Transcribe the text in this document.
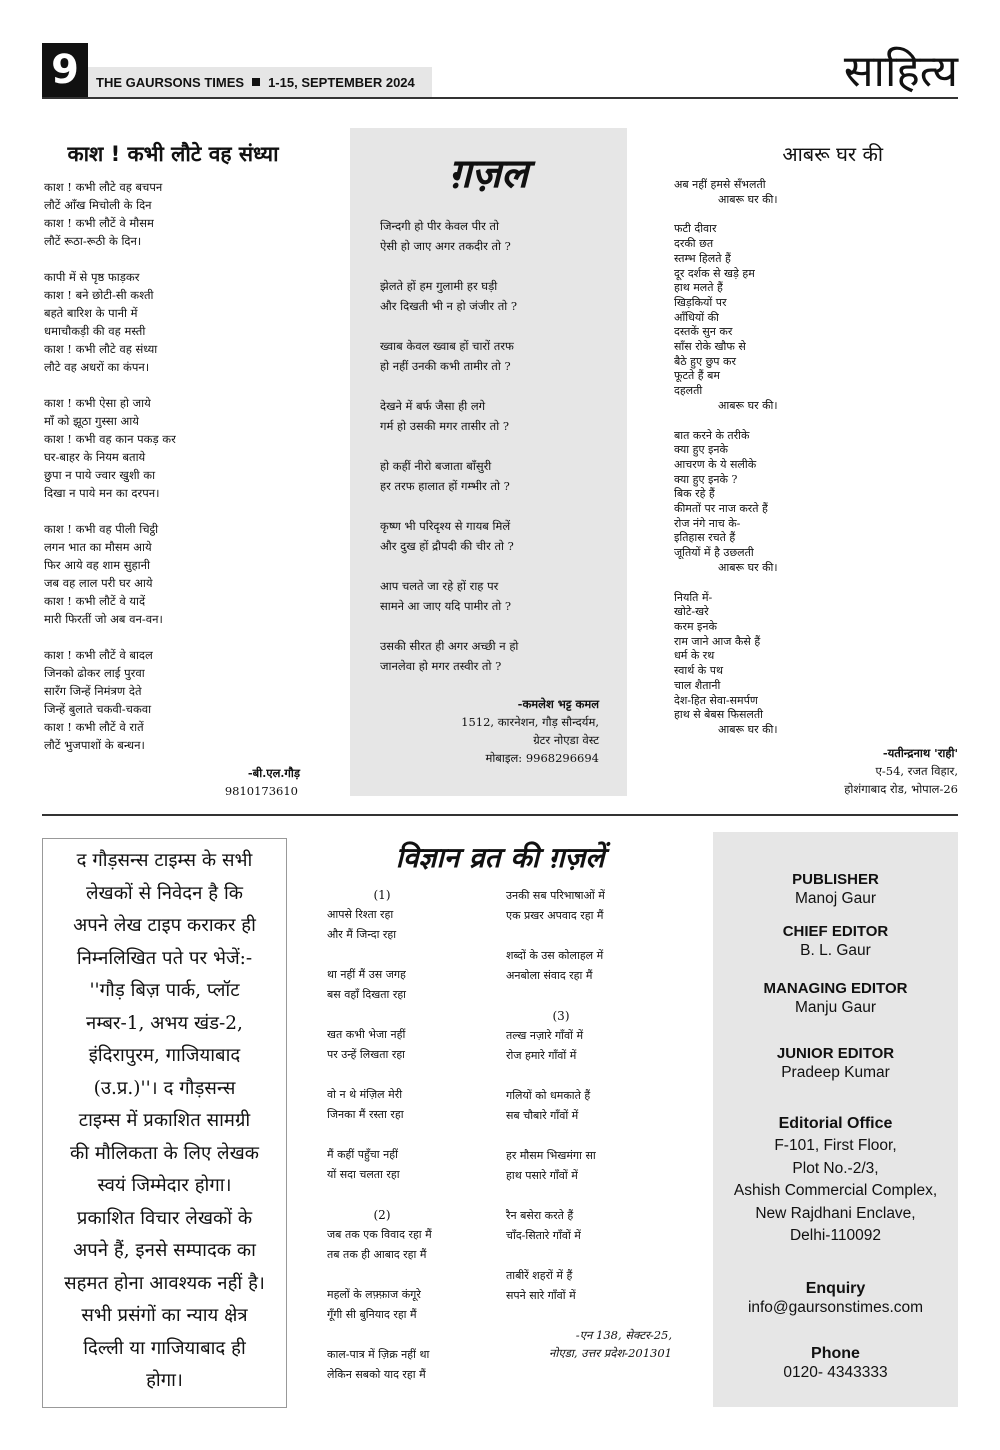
9	THE GAURSONS TIMES 1-15, SEPTEMBER 2024	साहित्य
काश ! कभी लौटे वह संध्या
काश ! कभी लौटे वह बचपन
लौटें आँख मिचोली के दिन
काश ! कभी लौटें वे मौसम
लौटें रूठा-रूठी के दिन।
कापी में से पृष्ठ फाड़कर
काश ! बने छोटी-सी कश्ती
बहते बारिश के पानी में
धमाचौकड़ी की वह मस्ती
काश ! कभी लौटे वह संध्या
लौटे वह अधरों का कंपन।
काश ! कभी ऐसा हो जाये
माँ को झूठा गुस्सा आये
काश ! कभी वह कान पकड़ कर
घर-बाहर के नियम बताये
छुपा न पाये ज्वार खुशी का
दिखा न पाये मन का दरपन।
काश ! कभी वह पीली चिट्ठी
लगन भात का मौसम आये
फिर आये वह शाम सुहानी
जब वह लाल परी घर आये
काश ! कभी लौटें वे यादें
मारी फिरतीं जो अब वन-वन।
काश ! कभी लौटें वे बादल
जिनको ढोकर लाई पुरवा
सारँग जिन्हें निमंत्रण देते
जिन्हें बुलाते चकवी-चकवा
काश ! कभी लौटें वे रातें
लौटें भुजपाशों के बन्धन।
-बी.एल.गौड़
9810173610
ग़ज़ल
जिन्दगी हो पीर केवल पीर तो
ऐसी हो जाए अगर तकदीर तो ?
झेलते हों हम गुलामी हर घड़ी
और दिखती भी न हो जंजीर तो ?
ख्वाब केवल ख्वाब हों चारों तरफ
हो नहीं उनकी कभी तामीर तो ?
देखने में बर्फ जैसा ही लगे
गर्म हो उसकी मगर तासीर तो ?
हो कहीं नीरो बजाता बाँसुरी
हर तरफ हालात हों गम्भीर तो ?
कृष्ण भी परिदृश्य से गायब मिलें
और दुख हों द्रौपदी की चीर तो ?
आप चलते जा रहे हों राह पर
सामने आ जाए यदि पामीर तो ?
उसकी सीरत ही अगर अच्छी न हो
जानलेवा हो मगर तस्वीर तो ?
-कमलेश भट्ट कमल
1512, कारनेशन, गौड़ सौन्दर्यम,
ग्रेटर नोएडा वेस्ट
मोबाइल: 9968296694
आबरू घर की
अब नहीं हमसे सँभलती
आबरू घर की।
फटी दीवार
दरकी छत
स्तम्भ हिलते हैं
दूर दर्शक से खड़े हम
हाथ मलते हैं
खिड़कियों पर
आँधियों की
दस्तकें सुन कर
साँस रोके खौफ से
बैठे हुए छुप कर
फूटते हैं बम
दहलती
आबरू घर की।
बात करने के तरीके
क्या हुए इनके
आचरण के ये सलीके
क्या हुए इनके ?
बिक रहे हैं
कीमतों पर नाज करते हैं
रोज नंगे नाच के-
इतिहास रचते हैं
जूतियों में है उछलती
आबरू घर की।
नियति में-
खोटे-खरे
करम इनके
राम जाने आज कैसे हैं
धर्म के रथ
स्वार्थ के पथ
चाल शैतानी
देश-हित सेवा-समर्पण
हाथ से बेबस फिसलती
आबरू घर की।
-यतीन्द्रनाथ 'राही'
ए-54, रजत विहार,
होशंगाबाद रोड, भोपाल-26
द गौड़सन्स टाइम्स के सभी
लेखकों से निवेदन है कि
अपने लेख टाइप कराकर ही
निम्नलिखित पते पर भेजें:-
''गौड़ बिज़ पार्क, प्लॉट
नम्बर-1, अभय खंड-2,
इंदिरापुरम, गाजियाबाद
(उ.प्र.)''। द गौड़सन्स
टाइम्स में प्रकाशित सामग्री
की मौलिकता के लिए लेखक
स्वयं जिम्मेदार होगा।
प्रकाशित विचार लेखकों के
अपने हैं, इनसे सम्पादक का
सहमत होना आवश्यक नहीं है।
सभी प्रसंगों का न्याय क्षेत्र
दिल्ली या गाजियाबाद ही
होगा।
विज्ञान व्रत की ग़ज़लें
(1)
आपसे रिश्ता रहा
और मैं जिन्दा रहा
था नहीं मैं उस जगह
बस वहाँ दिखता रहा
खत कभी भेजा नहीं
पर उन्हें लिखता रहा
वो न थे मंज़िल मेरी
जिनका मैं रस्ता रहा
मैं कहीं पहुँचा नहीं
यों सदा चलता रहा
(2)
जब तक एक विवाद रहा मैं
तब तक ही आबाद रहा मैं
महलों के लफ़्फ़ाज कंगूरे
गूँगी सी बुनियाद रहा मैं
काल-पात्र में ज़िक्र नहीं था
लेकिन सबको याद रहा मैं
उनकी सब परिभाषाओं में
एक प्रखर अपवाद रहा मैं
शब्दों के उस कोलाहल में
अनबोला संवाद रहा मैं
(3)
तल्ख नज़ारे गाँवों में
रोज हमारे गाँवों में
गलियों को धमकाते हैं
सब चौबारे गाँवों में
हर मौसम भिखमंगा सा
हाथ पसारे गाँवों में
रैन बसेरा करते हैं
चाँद-सितारे गाँवों में
ताबीरें शहरों में हैं
सपने सारे गाँवों में
-एन 138, सेक्टर-25,
नोएडा, उत्तर प्रदेश-201301
PUBLISHER
Manoj Gaur
CHIEF EDITOR
B. L. Gaur
MANAGING EDITOR
Manju Gaur
JUNIOR EDITOR
Pradeep Kumar
Editorial Office
F-101, First Floor,
Plot No.-2/3,
Ashish Commercial Complex,
New Rajdhani Enclave,
Delhi-110092
Enquiry
info@gaursonstimes.com
Phone
0120- 4343333
